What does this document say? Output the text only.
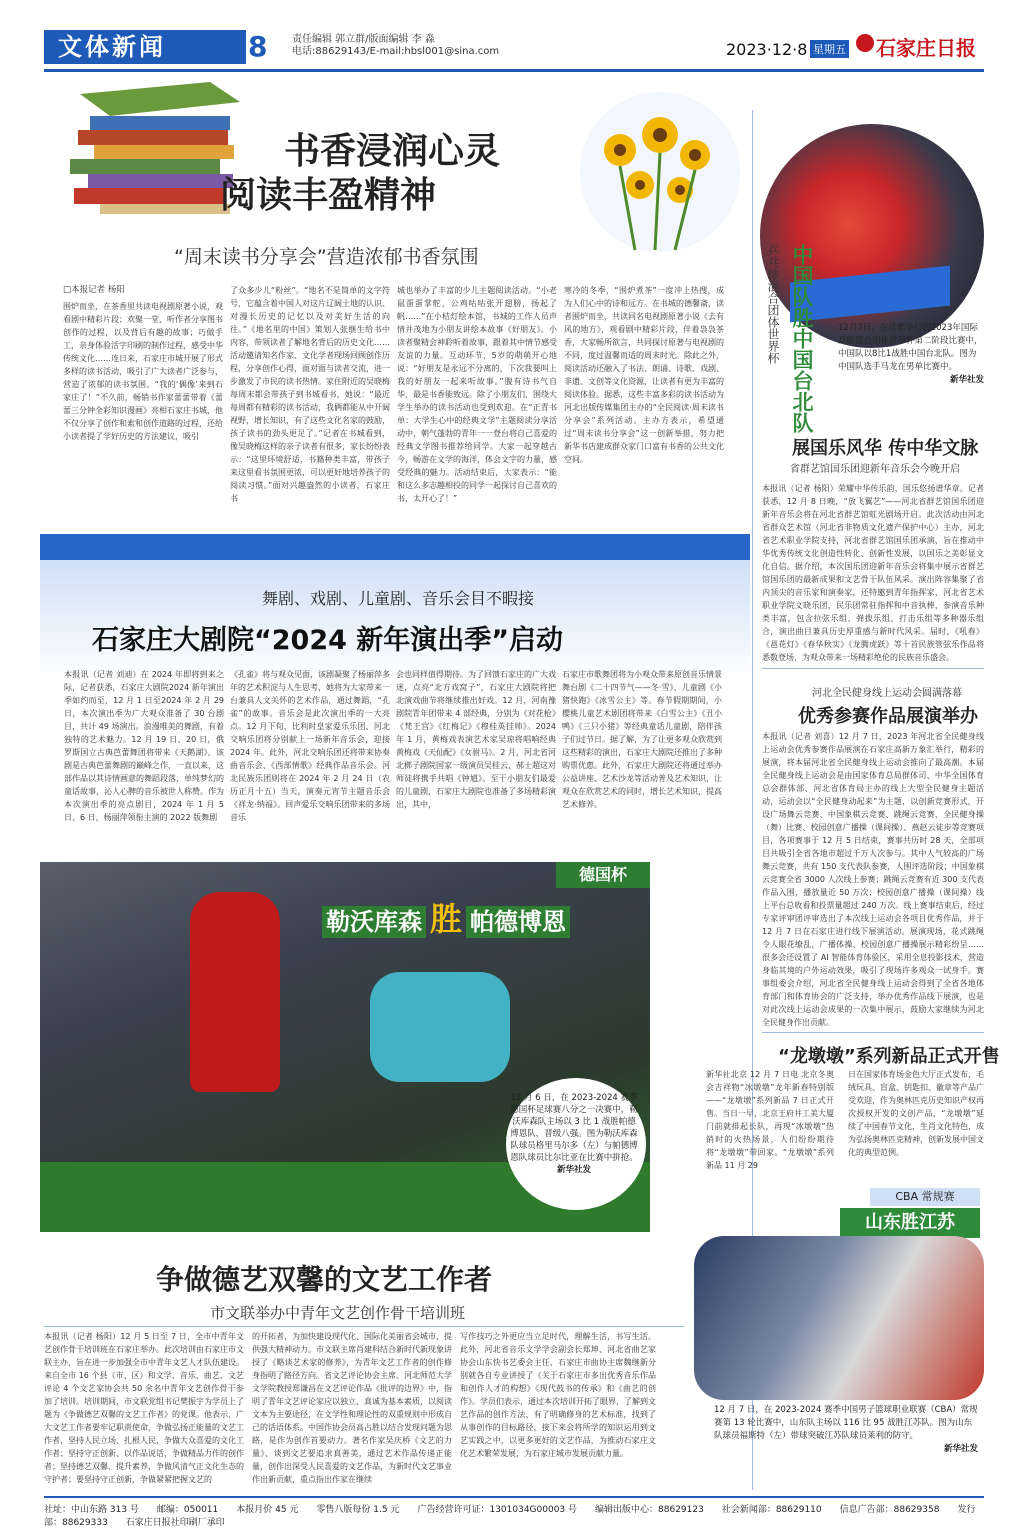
文体新闻	8 责任编辑 郭立群/版面编辑 李 淼
电话:88629143/E-mail:hbsl001@sina.com	2023·12·8 星期五 石家庄日报
书香浸润心灵
阅读丰盈精神
“周末读书分享会”营造浓郁书香氛围
□本报记者 杨阳
围炉而坐，在茶香里共读电视剧原著小说，观看剧中精彩片段；欢聚一堂，听作者分享图书创作的过程，以及背后有趣的故事；巧做手工，亲身体验活字印刷的制作过程，感受中华传统文化……连日来，石家庄市城开展了形式多样的读书活动，吸引了广大读者广泛参与，营造了浓郁的读书氛围。“我的‘偶像’来到石家庄了！”不久前，畅销书作家蕾蕾带着《蕾蕾三分钟全彩知识漫画》亮相石家庄书城，他不仅分享了创作和索和创作道路的过程，还给小读者提了学好历史的方法建议，吸引
了众多少儿“粉丝”。“地名不是简单的文字符号，它蕴含着中国人对这片辽阔土地的认识、对漫长历史的记忆以及对美好生活的向往。”《地名里的中国》策划人张继生给书中内容，带领读者了解地名背后的历史文化……活动邀请知名作家、文化学者现场回顾创作历程，分享创作心得，面对面与读者交流，进一步激发了市民的读书热情。家住附近的吴晓梅每周末都会带孩子到书城看书，她说：“最近每周都有精彩的读书活动，我俩都能从中开阔视野，增长知识，有了这些文化名家的鼓励，孩子读书的劲头更足了。”记者在书城看到，像吴晓梅这样的亲子读者有很多，家长纷纷表示：“这里环境舒适，书籍种类丰富，带孩子来这里看书氛围更浓，可以更好地培养孩子的阅读习惯。”面对兴趣盎然的小读者，石家庄书
城也举办了丰富的少儿主题阅读活动。“小老鼠蛋蛋掌舵，公鸡咕咕张开翅膀，扬起了帆……”在小桔灯绘本馆，书城的工作人员声情并茂地为小朋友讲绘本故事《好朋友》。小读者聚精会神聆听着故事，跟着其中情节感受友谊的力量。互动环节，5岁的萌萌开心地说：“好朋友是永远不分离的，下次我要叫上我的好朋友一起来听故事。”腹有诗书气自华，最是书香能致远。除了小朋友们，围绕大学生举办的读书活动也受到欢迎。在“正青书单：大学生心中的经典文学”主题阅读分享活动中，朝气蓬勃的青年一一登台将自己喜爱的经典文学图书推荐给同学。大家一起穿越古今，畅游在文学的海洋，体会文字的力量，感受经典的魅力。活动结束后，大家表示：“能和这么多志趣相投的同学一起探讨自己喜欢的书，太开心了！”
寒冷的冬季，“围炉煮茶”一度冲上热搜，成为人们心中的诗和远方。在书城的德馨斋，读者围炉而坐，共读同名电视剧原著小说《去有风的地方》，观看剧中精彩片段，伴着袅袅茶香，大家畅所欲言，共同探讨原著与电视剧的不同，度过温馨而适的周末时光。除此之外，阅读活动还融入了书法、朗诵、诗歌、戏剧、非遗、文创等文化资源，让读者有更为丰富的阅读体验。据悉，这些丰富多彩的读书活动为河北出版传媒集团主办的“全民阅读·周末读书分享会”系列活动。主办方表示，希望通过“周末读书分享会”这一创新举措，努力把新华书店建成群众家门口富有书香的公共文化空间。
中国队胜中国台北队
乒乓球混合团体世界杯	12月7日，在成都举行的2023年国际乒联混合团体世界杯第二阶段比赛中，中国队以8比1战胜中国台北队。图为中国队选手马龙在男单比赛中。
新华社发
展国乐风华 传中华文脉
省群艺馆国乐团迎新年音乐会今晚开启
本报讯（记者 杨阳）荣耀中华传乐韵，国乐悠扬谱华章。记者获悉，12 月 8 日晚，“放飞翼艺”——河北省群艺馆国乐团迎新年音乐会将在河北省群艺馆虹光剧场开启。此次活动由河北省群众艺术馆（河北省非物质文化遗产保护中心）主办，河北省艺术职业学院支持，河北省群艺馆国乐团承演，旨在推动中华优秀传统文化创造性转化、创新性发展，以国乐之美彰显文化自信。据介绍，本次国乐团迎新年音乐会将集中展示省群艺馆国乐团的最新成果和文艺骨干队伍风采。演出阵容集聚了省内顶尖的音乐家和演奏家，还特邀到青年指挥家，河北省艺术职业学院文晓乐团，民乐团常驻指挥和中音执棒，参演音乐种类丰富，包含拉弦乐组、弹拨乐组、打击乐组等多种器乐组合，演出曲目兼具历史厚重感与新时代风采。届时，《吼春》《邕花灯》《春华秋实》《龙腾虎跃》等十首民族管弦乐作品将悉数登场，为观众带来一场精彩绝伦的民族音乐盛会。
舞剧、戏剧、儿童剧、音乐会目不暇接
石家庄大剧院“2024 新年演出季”启动
本报讯（记者 刘迪）在 2024 年即将到来之际，记者获悉，石家庄大剧院2024 新年演出季如约而至，12 月 1 日至2024 年 2 月 29 日，本次演出季为广大观众准备了 30 台剧目，共计 49 场演出。浪漫唯美的舞剧，有着独特的艺术魅力。12 月 19 日、20 日，俄罗斯国立古典芭蕾舞团将带来《天鹅湖》，该剧是古典芭蕾舞剧的巅峰之作，一直以来，这部作品以其诗情画意的舞蹈段落，单纯梦幻的童话故事，沁人心脾的音乐被世人称赞。作为本次演出季的亮点剧目，2024 年 1 月 5 日、6 日，杨丽萍领衔主演的 2022 版舞剧
《孔雀》将与观众见面，该剧凝聚了杨丽萍多年的艺术积淀与人生思考，她将为大家带来一台兼具人文关怀的艺术作品，通过舞蹈，“孔雀”的故事。音乐会是此次演出季的一大亮点。12 月下旬，比利时皇家爱乐乐团、河北交响乐团将分别献上一场新年音乐会，迎接 2024 年。此外，河北交响乐团还将带来协奏曲音乐会、《西部情歌》经典作品音乐会。河北民族乐团则将在 2024 年 2 月 24 日（农历正月十五）当天，演奏元宵节主题音乐会《祥龙·纳福》。回声爱乐交响乐团带来的多场音乐
会也同样值得期待。为了回馈石家庄的广大戏迷，点亮“北方戏窝子”，石家庄大剧院将把北演戏曲节将继续推出好戏。12 月，河南豫剧院青年团带来 4 部经典，分别为《对花枪》《梵王宫》《红梅记》《穆桂英挂帅》。2024 年 1 月，黄梅戏表演艺术家吴琼将唱响经典黄梅戏《天仙配》《女驸马》。2 月，河北省河北梆子剧院国家一级演员吴桂云、郝士超这对师徒将携手共唱《钟馗》。至于小朋友们最爱的儿童剧，石家庄大剧院也准备了多场精彩演出，其中，
石家庄市歌舞团将为小观众带来原创音乐情景舞台剧《二十四节气——冬·雪》、儿童剧《小猪快跑》《冰雪公主》等。春节假期期间，小樱桃儿童艺术剧团将带来《白雪公主》《丑小鸭》《三只小猪》等经典童话儿童剧，陪伴孩子们过节日。据了解，为了让更多观众欣赏到这些精彩的演出，石家庄大剧院还推出了多种购票优惠。此外，石家庄大剧院还将通过举办公益讲座、艺术沙龙等活动普及艺术知识，让观众在欣赏艺术的同时，增长艺术知识，提高艺术修养。
河北全民健身线上运动会圆满落幕
优秀参赛作品展演举办
本报讯（记者 刘喜）12 月 7 日，2023 年河北省全民健身线上运动会优秀参赛作品展演在石家庄高新万象汇举行，精彩的展演，将本届河北省全民健身线上运动会推向了最高潮。本届全民健身线上运动会是由国家体育总局群体司、中华全国体育总会群体部、河北省体育局主办的线上大型全民健身主题活动，运动会以“全民健身动起来”为主题，以创新竞赛形式，开设广场舞云竞赛、中国象棋云竞赛、跳绳云竞赛、全民健身操（舞）比赛、校园创意广播操（课间操）、燕赵云徒步等竞赛项目，各项赛事于 12 月 5 日结束，赛事共历时 28 天，全部项目共吸引全省各地市超过千万人次参与。其中人气较高的广场舞云竞赛，共有 150 支代表队参赛，人围评选阶段；中国象棋云竞赛全省 3000 人次线上参赛；跳绳云竞赛有近 300 支代表作品入围，播放量近 50 万次；校园创意广播操（课间操）线上平台总收看和投票量超过 240 万次。线上赛事结束后，经过专家评审团评审选出了本次线上运动会各项目优秀作品，并于 12 月 7 日在石家庄进行线下展演活动。展演现场，花式跳绳令人眼花缭乱，广播体操、校园创意广播操展示精彩纷呈……很多会还设置了 AI 智能体育体验区，采用全息投影技术，营造身临其境的户外运动效果，吸引了现场许多观众一试身手。赛事组委会介绍，河北省全民健身线上运动会得到了全省各地体育部门和体育协会的广泛支持，举办优秀作品线下展演，也是对此次线上运动会成果的一次集中展示，鼓励大家继续为河北全民健身作出贡献。
德国杯
勒沃库森 胜 帕德博恩
12 月 6 日，在 2023-2024 赛季德国杯足球赛八分之一决赛中，勒沃库森队主场以 3 比 1 战胜帕德博恩队，晋级八强。图为勒沃库森队球员格里马尔多（左）与帕德博恩队球员比尔比亚在比赛中拼抢。新华社发
“龙墩墩”系列新品正式开售
新华社北京 12 月 7 日电 北京冬奥会吉祥物“冰墩墩”龙年新春特别版——“龙墩墩”系列新品 7 日正式开售。当日一早，北京王府井工美大厦门前就排起长队，再现“冰墩墩”热销时的火热场景，人们纷纷期待将“龙墩墩”带回家。“龙墩墩”系列新品 11 月 29
日在国家体育场金色大厅正式发布，毛绒玩具、盲盒、钥匙扣、徽章等产品广受欢迎，作为奥林匹克历史知识产权再次授权开发的文创产品，“龙墩墩”延续了中国春节文化，生肖文化特色，成为弘扬奥林匹克精神，创新发展中国文化的典型范例。
CBA 常规赛
山东胜江苏
12 月 7 日，在 2023-2024 赛季中国男子篮球职业联赛（CBA）常规赛第 13 轮比赛中，山东队主场以 116 比 95 战胜江苏队。图为山东队球员福斯特（左）带球突破江苏队球员莱利的防守。
新华社发
争做德艺双馨的文艺工作者
市文联举办中青年文艺创作骨干培训班
本报讯（记者 杨阳）12 月 5 日至 7 日，全市中青年文艺创作骨干培训班在石家庄举办。此次培训由石家庄市文联主办，旨在进一步加强全市中青年文艺人才队伍建设。来自全市 16 个县（市、区）和文学、音乐、曲艺、文艺评论 4 个文艺家协会共 50 余名中青年文艺创作骨干参加了培训。培训期间，市文联党组书记樊振宇为学员上了题为《争做德艺双馨的文艺工作者》的党课。他表示，广大文艺工作者要牢记职责使命，争做弘扬正能量的文艺工作者，坚持人民立场、扎根人民，争做大众喜爱的文化工作者；坚持守正创新、以作品说话，争做精品力作的创作者；坚持德艺双馨、提升素养，争做风清气正文化生态的守护者；要坚持守正创新，争做紧紧把握文艺的
的开拓者，为加快建设现代化、国际化美丽省会城市，提供强大精神动力。市文联主席肖建科结合新时代新现象讲授了《略谈艺术家的修养》，为青年文艺工作者的创作修身指明了路径方向。省文艺评论协会主席、河北师范大学文学院教授郑谦昌在文艺评论作品《批评的边界》中，指明了青年文艺评论家应以独立、真诚为基本素质，以阅读文本为主要途径，在文学性和理论性的双重规则中形成自己的话语体系。中国作协会员高占胜以结合发现问题为思路，是作为创作首要动力。著名作家吴庆桥《文艺的力量》、谈到文艺要追求真善美，通过艺术作品传递正能量，创作出深受人民喜爱的文艺作品，为新时代文艺事业作出新贡献，重点指出作家在继续
写作技巧之外更应当立足时代，理解生活，书写生活。此外，河北省音乐文学学会副会长郑坤、河北省曲艺家协会山东快书艺委会主任、石家庄市曲协主席魏继新分别就各自专业讲授了《关于石家庄市多出优秀音乐作品和创作人才的构想》《现代鼓书的传承》和《曲艺的创作》。学员们表示，通过本次培训开拓了眼界，了解到文艺作品的创作方法、有了明确修身的艺术标准，找到了从事创作的目标路径，接下来会将所学的知识运用到文艺实践之中，以更多更好的文艺作品，为推动石家庄文化艺术繁荣发展，为石家庄城市发展贡献力量。
社址：中山东路 313 号　　邮编：050011　　本报月价 45 元　　零售八版每份 1.5 元　　广告经营许可证：1301034G00003 号　　编辑出版中心：88629123　　社会新闻部：88629110　　信息广告部：88629358　　发行部：88629333　　石家庄日报社印刷厂承印
